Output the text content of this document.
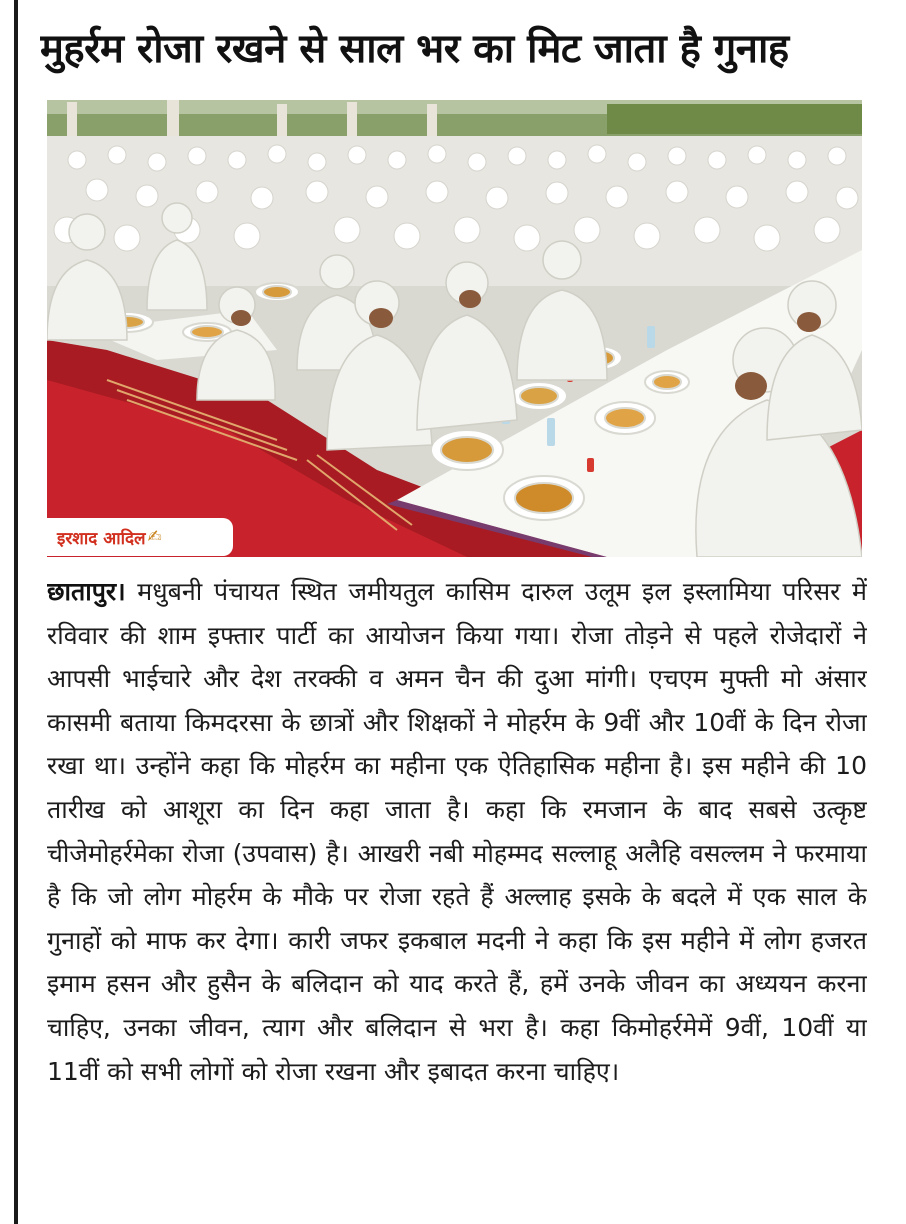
मुहर्रम रोजा रखने से साल भर का मिट जाता है गुनाह
इरशाद आदिल ✍
छातापुर। मधुबनी पंचायत स्थित जमीयतुल कासिम दारुल उलूम इल इस्लामिया परिसर में रविवार की शाम इफ्तार पार्टी का आयोजन किया गया। रोजा तोड़ने से पहले रोजेदारों ने आपसी भाईचारे और देश तरक्की व अमन चैन की दुआ मांगी। एचएम मुफ्ती मो अंसार कासमी बताया किमदरसा के छात्रों और शिक्षकों ने मोहर्रम के 9वीं और 10वीं के दिन रोजा रखा था। उन्होंने कहा कि मोहर्रम का महीना एक ऐतिहासिक महीना है। इस महीने की 10 तारीख को आशूरा का दिन कहा जाता है। कहा कि रमजान के बाद सबसे उत्कृष्ट चीजेमोहर्रमेका रोजा (उपवास) है। आखरी नबी मोहम्मद सल्लाहू अलैहि वसल्लम ने फरमाया है कि जो लोग मोहर्रम के मौके पर रोजा रहते हैं अल्लाह इसके के बदले में एक साल के गुनाहों को माफ कर देगा। कारी जफर इकबाल मदनी ने कहा कि इस महीने में लोग हजरत इमाम हसन और हुसैन के बलिदान को याद करते हैं, हमें उनके जीवन का अध्ययन करना चाहिए, उनका जीवन, त्याग और बलिदान से भरा है। कहा किमोहर्रमेमें 9वीं, 10वीं या 11वीं को सभी लोगों को रोजा रखना और इबादत करना चाहिए।
